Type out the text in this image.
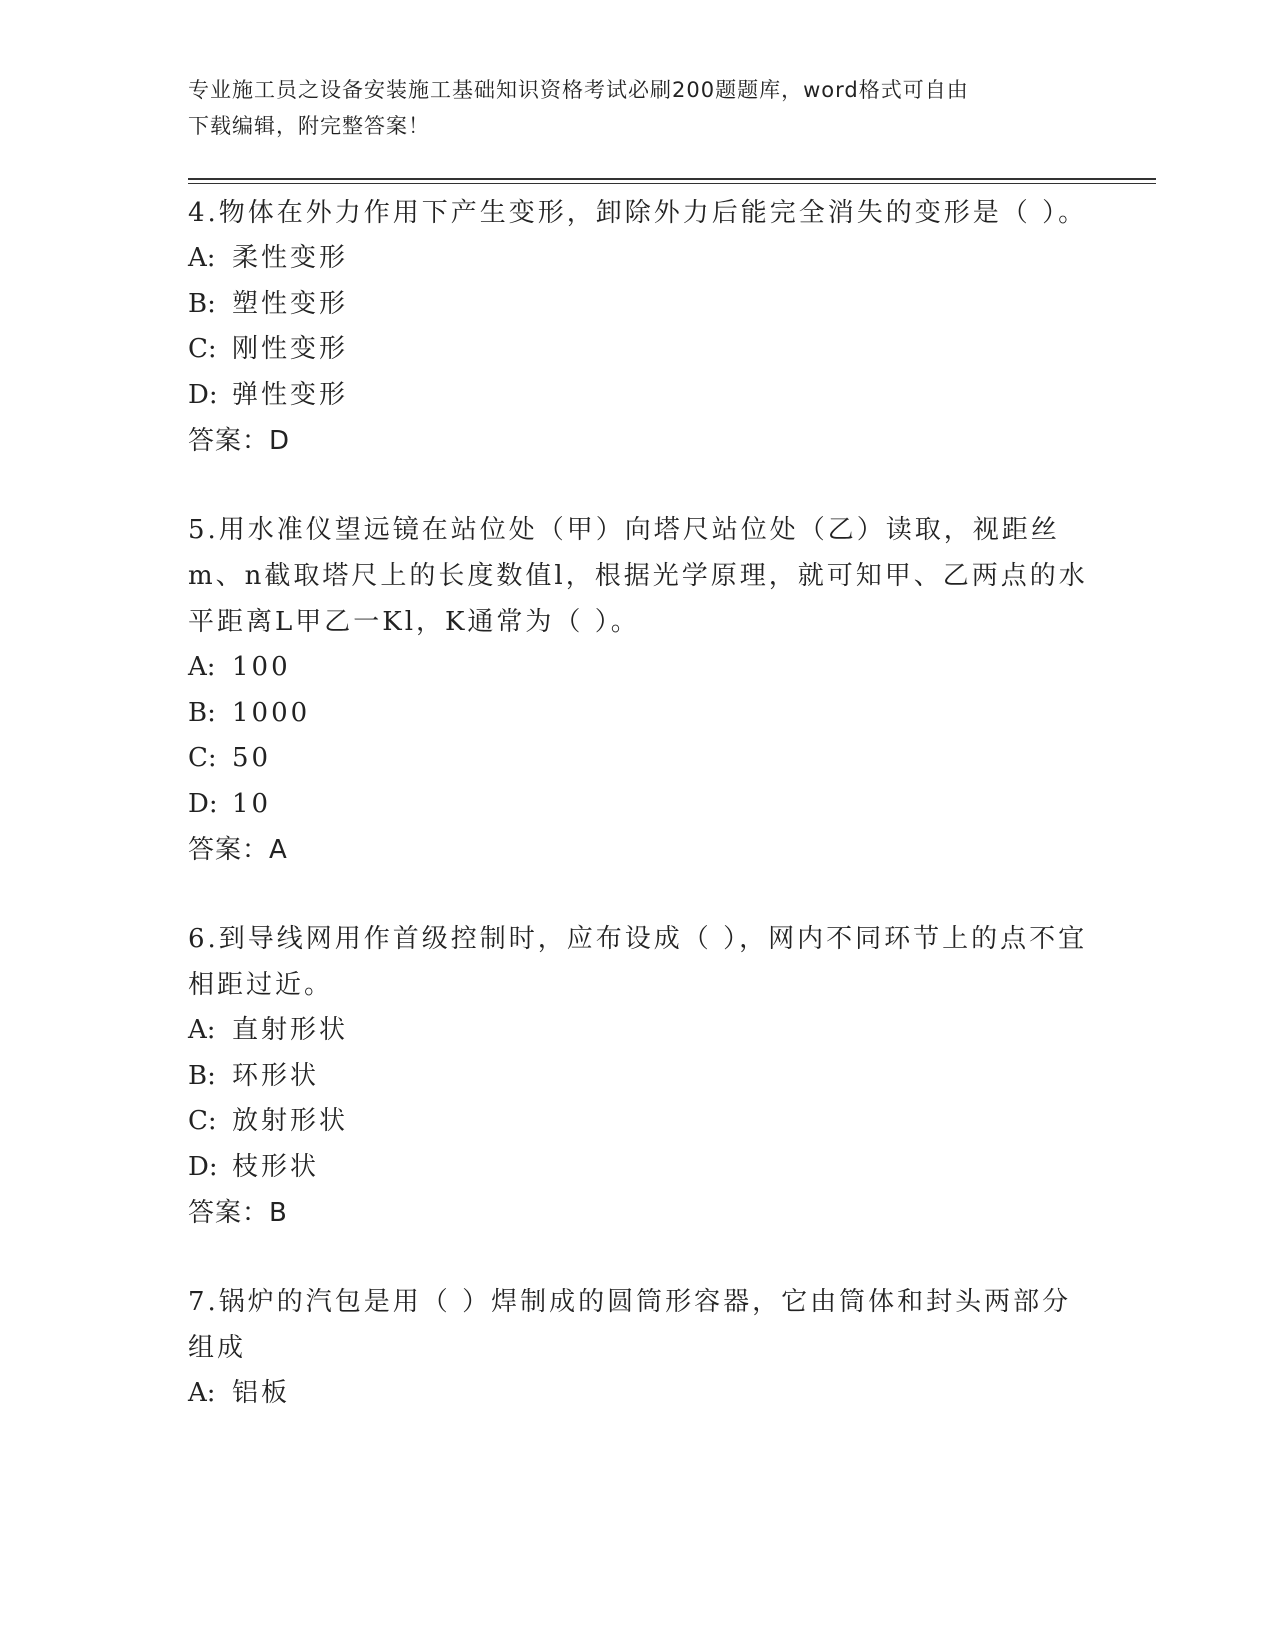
专业施工员之设备安装施工基础知识资格考试必刷200题题库，word格式可自由
下载编辑，附完整答案！

4.物体在外力作用下产生变形，卸除外力后能完全消失的变形是（ ）。

A: 柔性变形

B: 塑性变形

C: 刚性变形

D: 弹性变形

答案：D

5.用水准仪望远镜在站位处（甲）向塔尺站位处（乙）读取，视距丝m、n截取塔尺上的长度数值l，根据光学原理，就可知甲、乙两点的水平距离L甲乙一Kl，K通常为（ ）。

A: 100

B: 1000

C: 50

D: 10

答案：A

6.到导线网用作首级控制时，应布设成（ ），网内不同环节上的点不宜相距过近。

A: 直射形状

B: 环形状

C: 放射形状

D: 枝形状

答案：B

7.锅炉的汽包是用（ ）焊制成的圆筒形容器，它由筒体和封头两部分组成

A: 铝板
